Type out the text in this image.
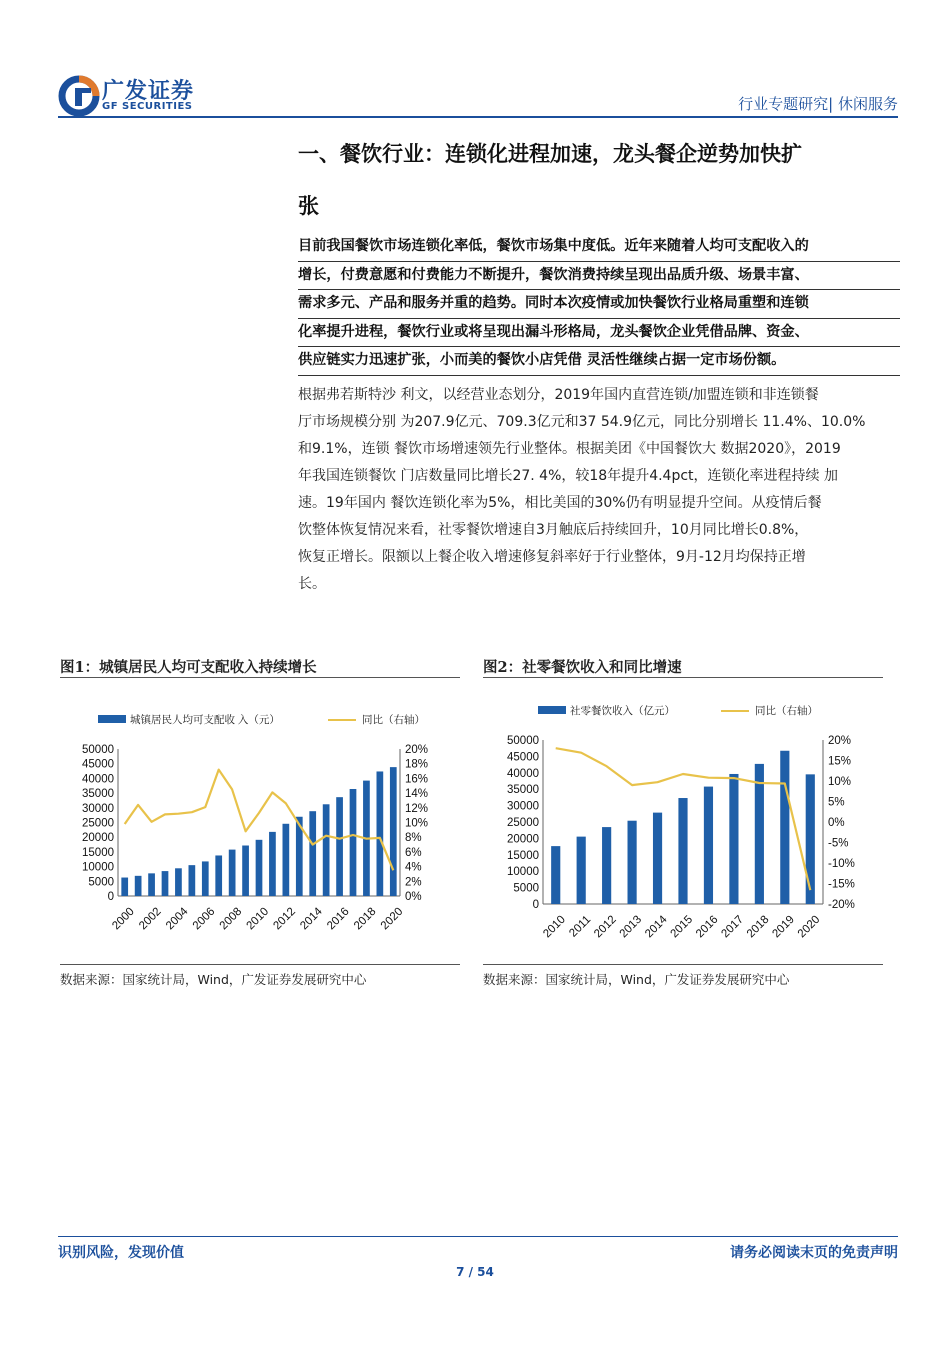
广发证券
GF SECURITIES	行业专题研究| 休闲服务
一、餐饮行业：连锁化进程加速，龙头餐企逆势加快扩
张
目前我国餐饮市场连锁化率低，餐饮市场集中度低。近年来随着人均可支配收入的
增长，付费意愿和付费能力不断提升，餐饮消费持续呈现出品质升级、场景丰富、
需求多元、产品和服务并重的趋势。同时本次疫情或加快餐饮行业格局重塑和连锁
化率提升进程，餐饮行业或将呈现出漏斗形格局，龙头餐饮企业凭借品牌、资金、
供应链实力迅速扩张，小而美的餐饮小店凭借 灵活性继续占据一定市场份额。
根据弗若斯特沙 利文，以经营业态划分，2019年国内直营连锁/加盟连锁和非连锁餐
厅市场规模分别 为207.9亿元、709.3亿元和37 54.9亿元，同比分别增长 11.4%、10.0%
和9.1%，连锁 餐饮市场增速领先行业整体。根据美团《中国餐饮大 数据2020》，2019
年我国连锁餐饮 门店数量同比增长27. 4%，较18年提升4.4pct，连锁化率进程持续 加
速。19年国内 餐饮连锁化率为5%，相比美国的30%仍有明显提升空间。从疫情后餐
饮整体恢复情况来看，社零餐饮增速自3月触底后持续回升，10月同比增长0.8%，
恢复正增长。限额以上餐企收入增速修复斜率好于行业整体，9月-12月均保持正增
长。
图1：城镇居民人均可支配收入持续增长
城镇居民人均可支配收 入（元）	同比（右轴）
50000
45000
40000
35000
30000
25000
20000
15000
10000
5000
0
20%
18%
16%
14%
12%
10%
8%
6%
4%
2%
0%
2000 2002 2004 2006 2008 2010 2012 2014 2016 2018 2020
数据来源：国家统计局，Wind，广发证券发展研究中心
图2：社零餐饮收入和同比增速
社零餐饮收入（亿元）	同比（右轴）
50000
45000
40000
35000
30000
25000
20000
15000
10000
5000
0
20%
15%
10%
5%
0%
-5%
-10%
-15%
-20%
2010 2011
2012
2013
2014
2015
2016
2017
2018
2019
2020
数据来源：国家统计局，Wind，广发证券发展研究中心
识别风险，发现价值	请务必阅读末页的免责声明
7 / 54
